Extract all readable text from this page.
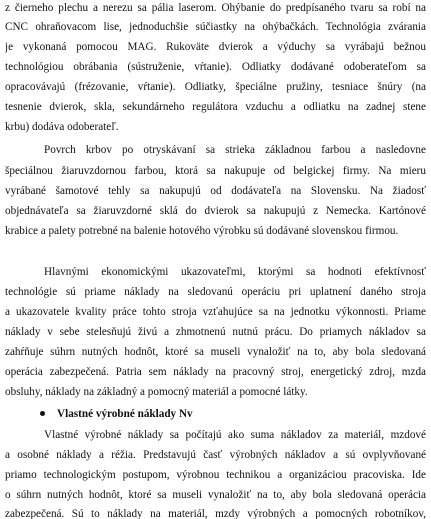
z čierneho plechu a nerezu sa pália laserom. Ohýbanie do predpísaného tvaru sa robí na
CNC ohraňovacom lise, jednoduchšie súčiastky na ohýbačkách. Technológia zvárania
je vykonaná pomocou MAG. Rukoväte dvierok a výduchy sa vyrábajú bežnou
technológiou obrábania (sústruženie, vŕtanie). Odliatky dodávané odoberateľom sa
opracovávajú (frézovanie, vŕtanie). Odliatky, špeciálne pružiny, tesniace šnúry (na
tesnenie dvierok, skla, sekundárneho regulátora vzduchu a odliatku na zadnej stene
krbu) dodáva odoberateľ.
Povrch krbov po otryskávaní sa strieka základnou farbou a nasledovne
špeciálnou žiaruvzdornou farbou, ktorá sa nakupuje od belgickej firmy. Na mieru
vyrábané šamotové tehly sa nakupujú od dodávateľa na Slovensku. Na žiadosť
objednávateľa sa žiaruvzdorné sklá do dvierok sa nakupujú z Nemecka. Kartónové
krabice a palety potrebné na balenie hotového výrobku sú dodávané slovenskou firmou.
Hlavnými ekonomickými ukazovateľmi, ktorými sa hodnoti efektívnosť
technológie sú priame náklady na sledovanú operáciu pri uplatnení daného stroja
a ukazovatele kvality práce tohto stroja vzťahujúce sa na jednotku výkonnosti. Priame
náklady v sebe stelesňujú živú a zhmotnenú nutnú prácu. Do priamych nákladov sa
zahŕňuje súhrn nutných hodnôt, ktoré sa museli vynaložiť na to, aby bola sledovaná
operácia zabezpečená. Patria sem náklady na pracovný stroj, energetický zdroj, mzda
obsluhy, náklady na základný a pomocný materiál a pomocné látky.
Vlastné výrobné náklady Nv
Vlastné výrobné náklady sa počítajú ako suma nákladov za materiál, mzdové
a osobné náklady a réžia. Predstavujú časť výrobných nákladov a sú ovplyvňované
priamo technologickým postupom, výrobnou technikou a organizáciou pracoviska. Ide
o súhrn nutných hodnôt, ktoré sa museli vynaložiť na to, aby bola sledovaná operácia
zabezpečená. Sú to náklady na materiál, mzdy výrobných a pomocných robotníkov,
